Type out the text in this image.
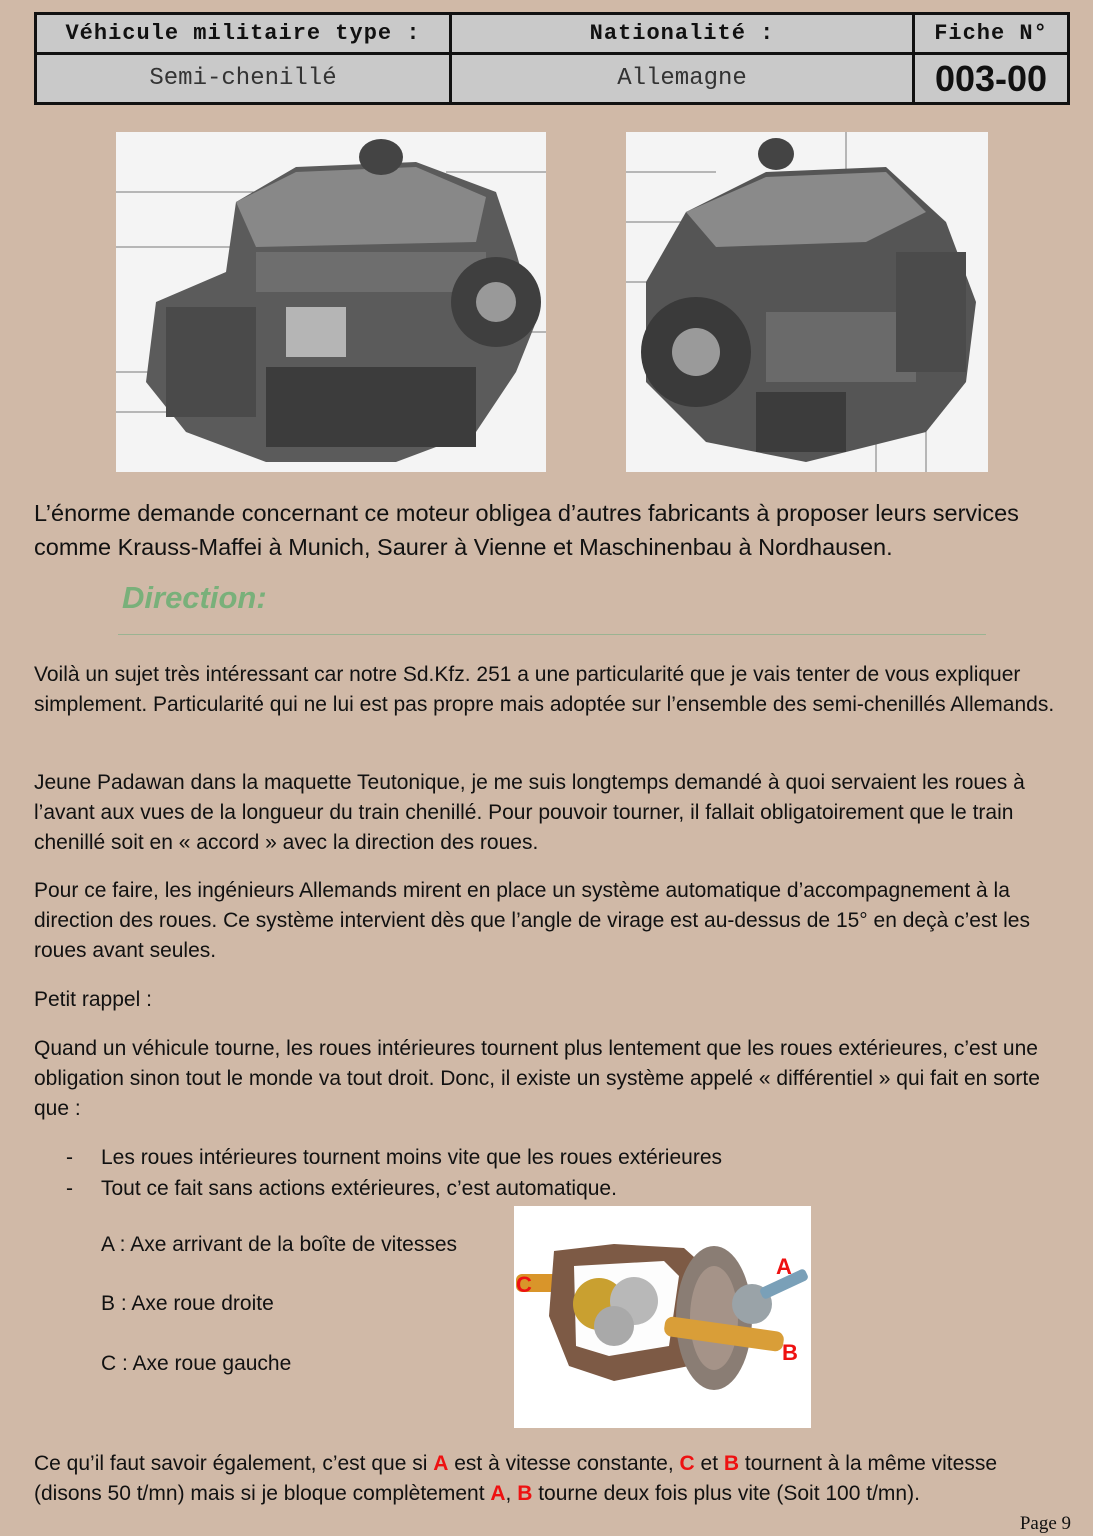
Véhicule militaire type :	Nationalité :	Fiche N°
Semi-chenillé	Allemagne	003-00

L’énorme demande concernant ce moteur obligea d’autres fabricants à proposer leurs services comme Krauss-Maffei à Munich, Saurer à Vienne et Maschinenbau à Nordhausen.

Direction:

Voilà un sujet très intéressant car notre Sd.Kfz. 251 a une particularité que je vais tenter de vous expliquer simplement. Particularité qui ne lui est pas propre mais adoptée sur l’ensemble des semi-chenillés Allemands.

Jeune Padawan dans la maquette Teutonique, je me suis longtemps demandé à quoi servaient les roues à l’avant aux vues de la longueur du train chenillé. Pour pouvoir tourner, il fallait obligatoirement que le train chenillé soit en « accord » avec la direction des roues.

Pour ce faire, les ingénieurs Allemands mirent en place un système automatique d’accompagnement à la direction des roues. Ce système intervient dès que l’angle de virage est au-dessus de 15° en deçà c’est les roues avant seules.

Petit rappel :

Quand un véhicule tourne, les roues intérieures tournent plus lentement que les roues extérieures, c’est une obligation sinon tout le monde va tout droit. Donc, il existe un système appelé « différentiel » qui fait en sorte que :

-	Les roues intérieures tournent moins vite que les roues extérieures
-	Tout ce fait sans actions extérieures, c’est automatique.
A : Axe arrivant de la boîte de vitesses
B : Axe roue droite
C : Axe roue gauche
A
B
C

Ce qu’il faut savoir également, c’est que si A est à vitesse constante, C et B tournent à la même vitesse (disons 50 t/mn) mais si je bloque complètement A, B tourne deux fois plus vite (Soit 100 t/mn).

Page 9
